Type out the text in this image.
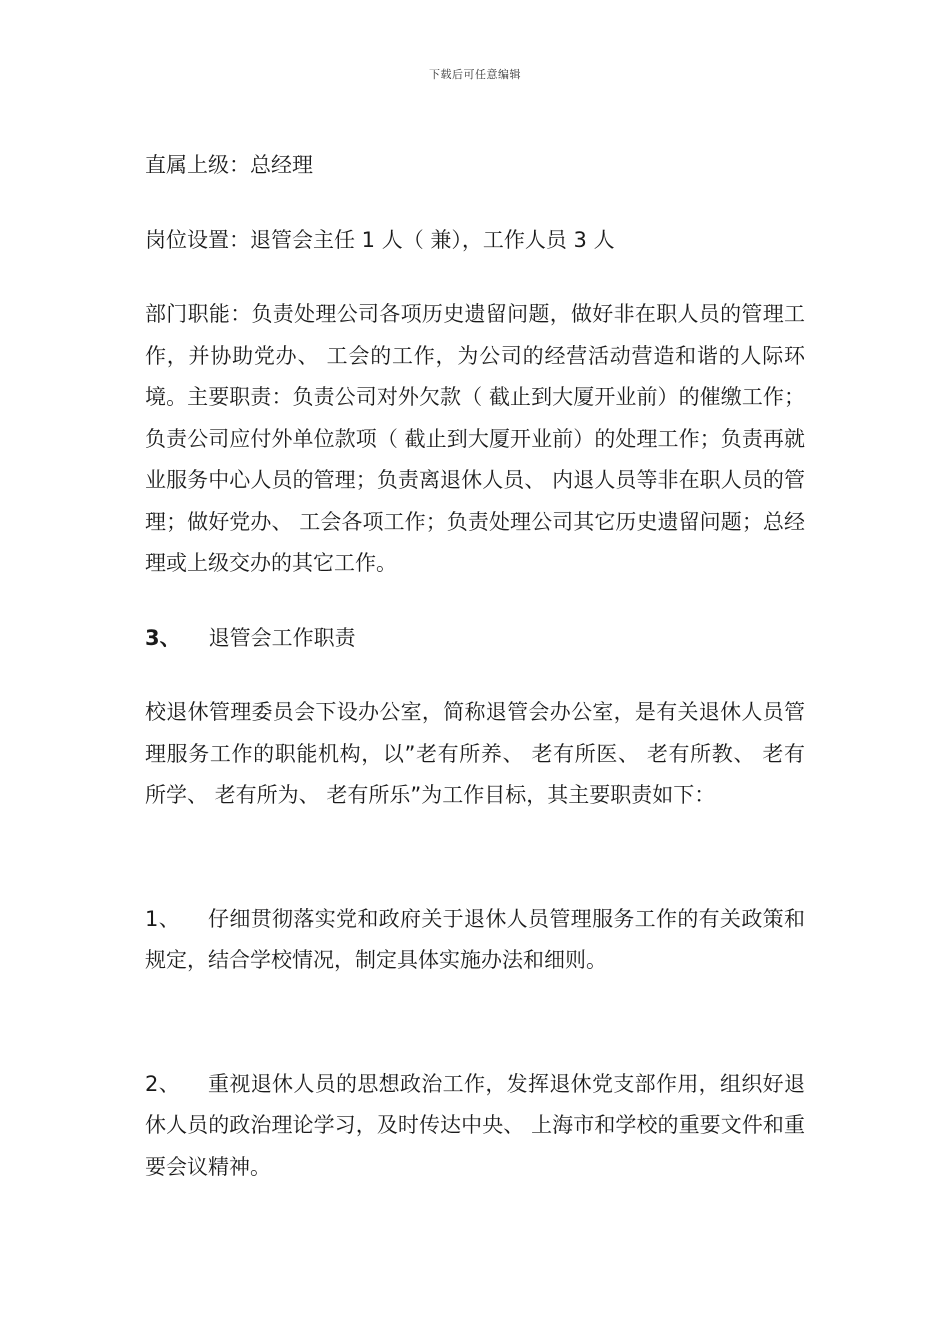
下载后可任意编辑

直属上级：总经理

岗位设置：退管会主任 1 人（ 兼），工作人员 3 人

部门职能：负责处理公司各项历史遗留问题，做好非在职人员的管理工作，并协助党办、 工会的工作，为公司的经营活动营造和谐的人际环境。主要职责：负责公司对外欠款（ 截止到大厦开业前）的催缴工作；负责公司应付外单位款项（ 截止到大厦开业前）的处理工作；负责再就业服务中心人员的管理；负责离退休人员、 内退人员等非在职人员的管理；做好党办、 工会各项工作；负责处理公司其它历史遗留问题；总经理或上级交办的其它工作。

3、 退管会工作职责

校退休管理委员会下设办公室，简称退管会办公室，是有关退休人员管理服务工作的职能机构，以”老有所养、 老有所医、 老有所教、 老有所学、 老有所为、 老有所乐”为工作目标，其主要职责如下：

1、 仔细贯彻落实党和政府关于退休人员管理服务工作的有关政策和规定，结合学校情况，制定具体实施办法和细则。

2、 重视退休人员的思想政治工作，发挥退休党支部作用，组织好退休人员的政治理论学习，及时传达中央、 上海市和学校的重要文件和重要会议精神。
